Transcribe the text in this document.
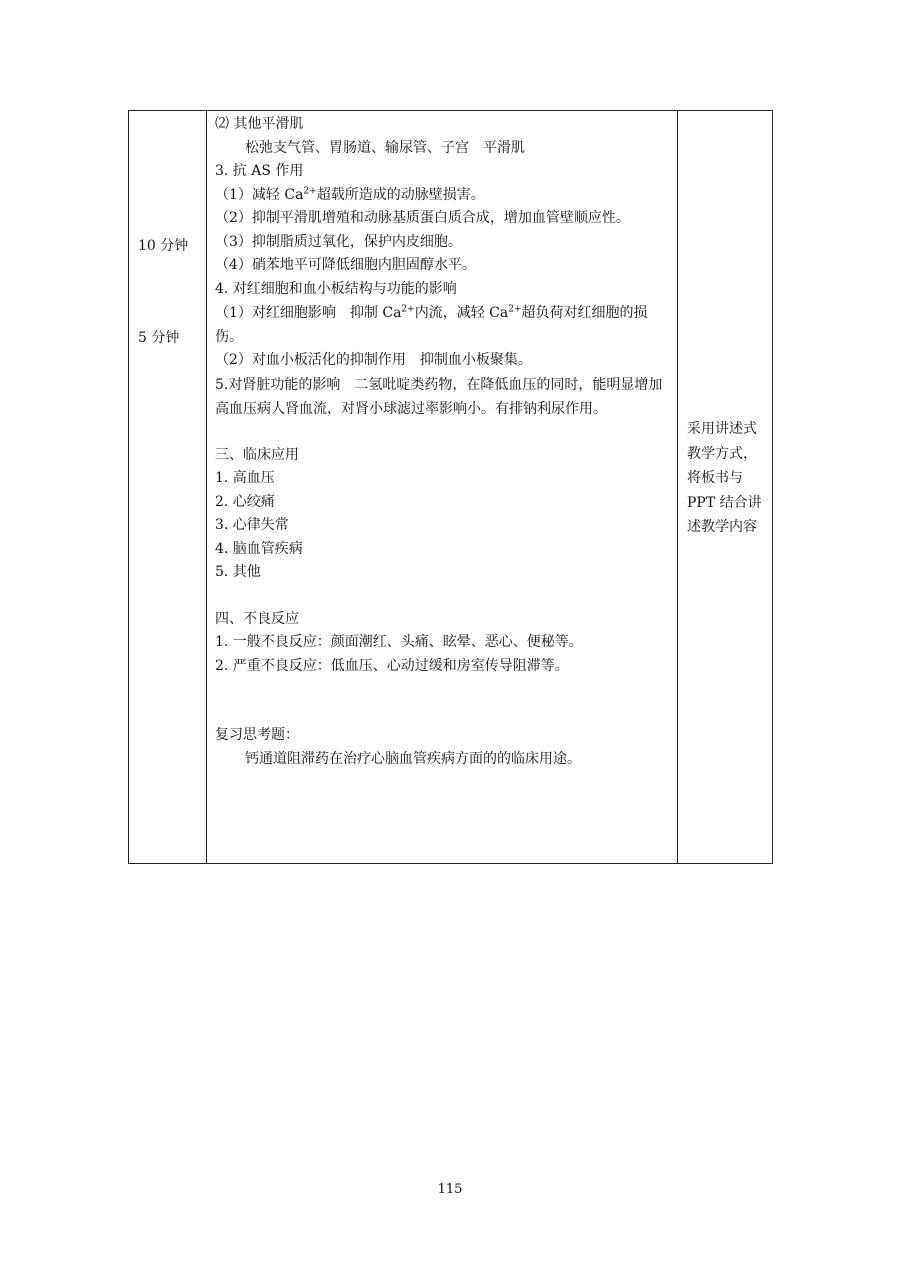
10 分钟
5 分钟
⑵ 其他平滑肌
松弛支气管、胃肠道、输尿管、子宫　平滑肌
3. 抗 AS 作用
（1）减轻 $Ca^{2+}$超载所造成的动脉壁损害。
（2）抑制平滑肌增殖和动脉基质蛋白质合成，增加血管壁顺应性。
（3）抑制脂质过氧化，保护内皮细胞。
（4）硝苯地平可降低细胞内胆固醇水平。
4. 对红细胞和血小板结构与功能的影响
（1）对红细胞影响　抑制 $Ca^{2+}$内流，减轻 $Ca^{2+}$超负荷对红细胞的损伤。
（2）对血小板活化的抑制作用　抑制血小板聚集。
5.对肾脏功能的影响　二氢吡啶类药物，在降低血压的同时，能明显增加高血压病人肾血流，对肾小球滤过率影响小。有排钠利尿作用。
三、临床应用
1. 高血压
2. 心绞痛
3. 心律失常
4. 脑血管疾病
5. 其他
四、不良反应
1. 一般不良反应：颜面潮红、头痛、眩晕、恶心、便秘等。
2. 严重不良反应：低血压、心动过缓和房室传导阻滞等。
复习思考题：
钙通道阻滞药在治疗心脑血管疾病方面的的临床用途。
采用讲述式教学方式，将板书与 PPT 结合讲述教学内容
115
